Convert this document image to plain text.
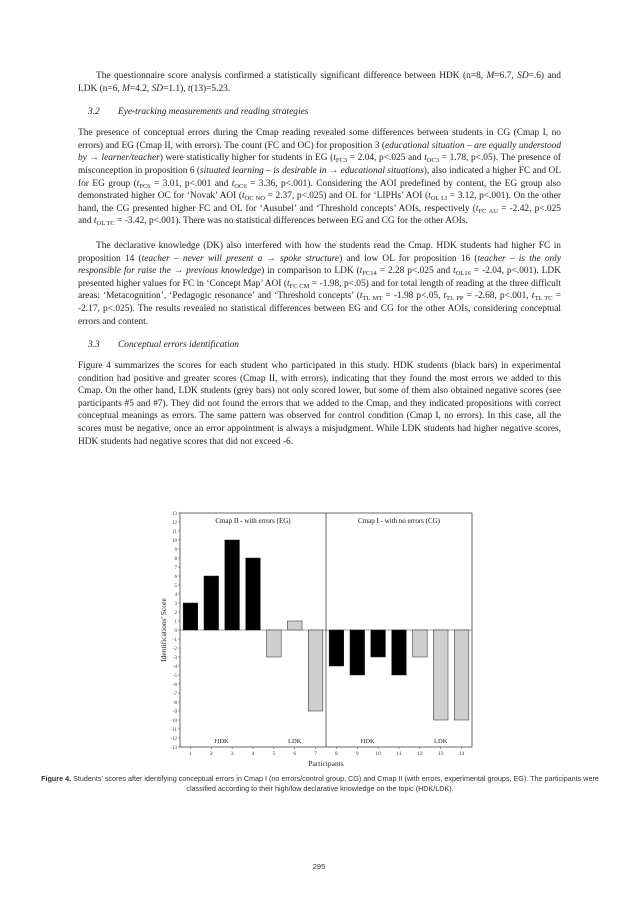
The questionnaire score analysis confirmed a statistically significant difference between HDK (n=8, M=6.7, SD=.6) and LDK (n=6, M=4.2, SD=1.1), t(13)=5.23.

3.2 Eye-tracking measurements and reading strategies

The presence of conceptual errors during the Cmap reading revealed some differences between students in CG (Cmap I, no errors) and EG (Cmap II, with errors). The count (FC and OC) for proposition 3 (educational situation – are equally understood by → learner/teacher) were statistically higher for students in EG ($t_{FC3} = 2.04$, p<.025 and $t_{OC3} = 1.78$, p<.05). The presence of misconception in proposition 6 (situated learning – is desirable in → educational situations), also indicated a higher FC and OL for EG group ($t_{FC6} = 3.01$, p<.001 and $t_{OC6} = 3.36$, p<.001). Considering the AOI predefined by content, the EG group also demonstrated higher OC for ‘Novak’ AOI ($t_{OC NO} = 2.37$, p<.025) and OL for ‘LIPHs’ AOI ($t_{OL LI} = 3.12$, p<.001). On the other hand, the CG presented higher FC and OL for ‘Ausubel’ and ‘Threshold concepts’ AOIs, respectively ($t_{FC AU} = -2.42$, p<.025 and $t_{OL TC} = -3.42$, p<.001). There was no statistical differences between EG and CG for the other AOIs.

The declarative knowledge (DK) also interfered with how the students read the Cmap. HDK students had higher FC in proposition 14 (teacher – never will present a → spoke structure) and low OL for proposition 16 (teacher – is the only responsible for raise the → previous knowledge) in comparison to LDK ($t_{FC14} = 2.28$ p<.025 and $t_{OL16} = -2.04$, p<.001). LDK presented higher values for FC in ‘Concept Map’ AOI ($t_{FC CM} = -1.98$, p<.05) and for total length of reading at the three difficult areas: ‘Metacognition’, ‘Pedagogic resonance’ and ‘Threshold concepts’ ($t_{TL MT} = -1.98$ p<.05, $t_{TL PP} = -2.68$, p<.001, $t_{TL TC} = -2.17$, p<.025). The results revealed no statistical differences between EG and CG for the other AOIs, considering conceptual errors and content.

3.3 Conceptual errors identification

Figure 4 summarizes the scores for each student who participated in this study. HDK students (black bars) in experimental condition had positive and greater scores (Cmap II, with errors), indicating that they found the most errors we added to this Cmap. On the other hand, LDK students (grey bars) not only scored lower, but some of them also obtained negative scores (see participants #5 and #7). They did not found the errors that we added to the Cmap, and they indicated propositions with correct conceptual meanings as errors. The same pattern was observed for control condition (Cmap I, no errors). In this case, all the scores must be negative, once an error appointment is always a misjudgment. While LDK students had higher negative scores, HDK students had negative scores that did not exceed -6.

13
12
11
10
9
8
7
6
5
4
3
2
1
0
-1
-2
-3
-4
-5
-6
-7
-8
-9
-10
-11
-12
-13
Identifications' Score
Cmap II - with errors (EG)	Cmap I - with no errors (CG)
1	2	3	4	5	6	7	8	9	10	11	12	13	14
HDK	LDK	HDK	LDK
Participants
Figure 4. Students' scores after identifying conceptual errors in Cmap I (no errors/control group, CG) and Cmap II (with errors, experimental groups, EG). The participants were classified according to their high/low declarative knowledge on the topic (HDK/LDK).
295
